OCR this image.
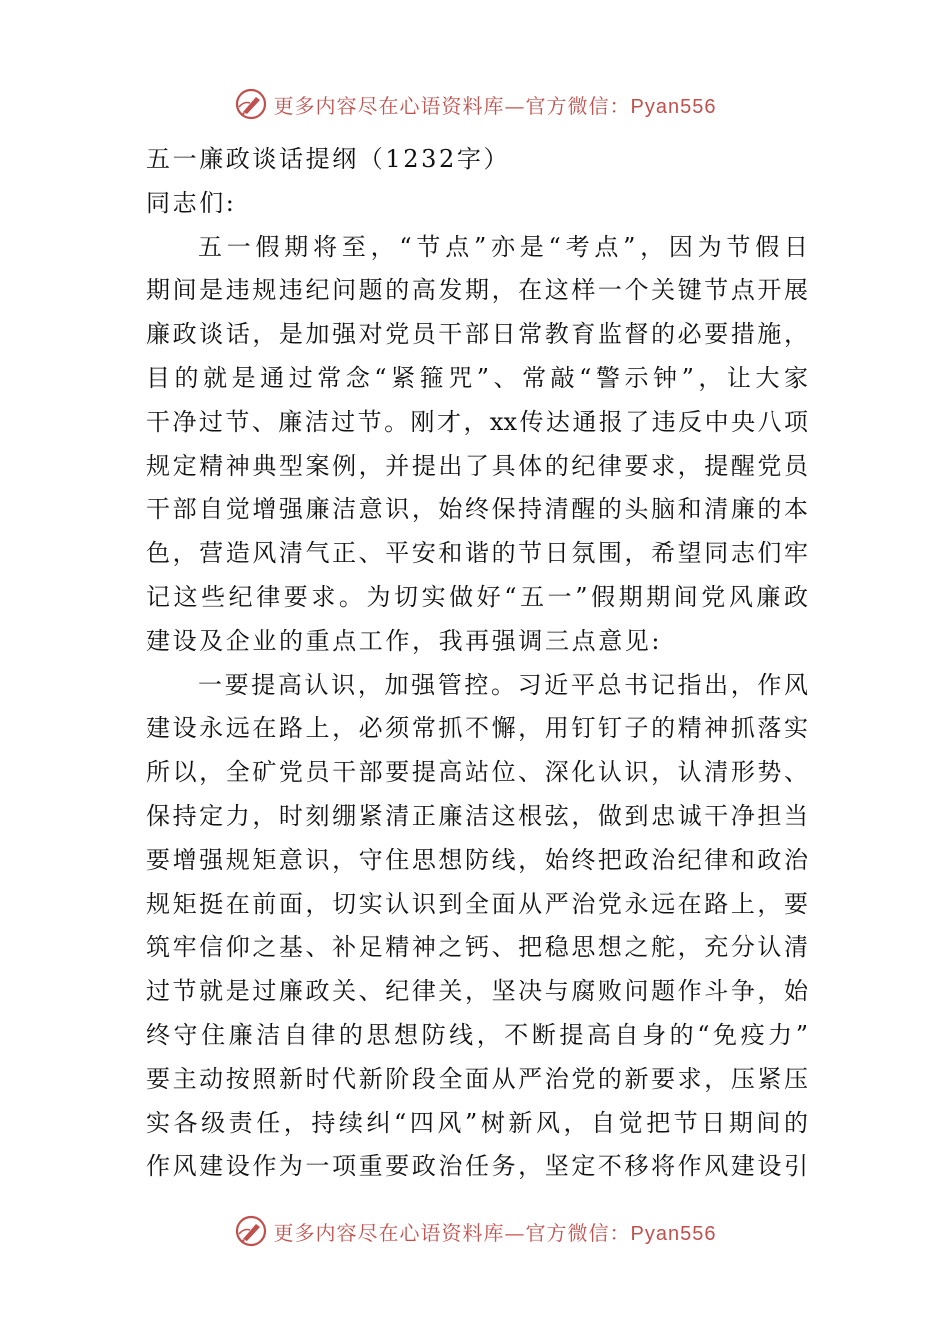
更多内容尽在心语资料库—官方微信：Pyan556
五一廉政谈话提纲（1232字）
同志们:
五一假期将至，“节点”亦是“考点”，因为节假日
期间是违规违纪问题的高发期，在这样一个关键节点开展
廉政谈话，是加强对党员干部日常教育监督的必要措施，
目的就是通过常念“紧箍咒”、常敲“警示钟”，让大家
干净过节、廉洁过节。刚才，xx传达通报了违反中央八项
规定精神典型案例，并提出了具体的纪律要求，提醒党员
干部自觉增强廉洁意识，始终保持清醒的头脑和清廉的本
色，营造风清气正、平安和谐的节日氛围，希望同志们牢
记这些纪律要求。为切实做好“五一”假期期间党风廉政
建设及企业的重点工作，我再强调三点意见:
一要提高认识，加强管控。习近平总书记指出，作风
建设永远在路上，必须常抓不懈，用钉钉子的精神抓落实
所以，全矿党员干部要提高站位、深化认识，认清形势、
保持定力，时刻绷紧清正廉洁这根弦，做到忠诚干净担当
要增强规矩意识，守住思想防线，始终把政治纪律和政治
规矩挺在前面，切实认识到全面从严治党永远在路上，要
筑牢信仰之基、补足精神之钙、把稳思想之舵，充分认清
过节就是过廉政关、纪律关，坚决与腐败问题作斗争，始
终守住廉洁自律的思想防线，不断提高自身的“免疫力”
要主动按照新时代新阶段全面从严治党的新要求，压紧压
实各级责任，持续纠“四风”树新风，自觉把节日期间的
作风建设作为一项重要政治任务，坚定不移将作风建设引
更多内容尽在心语资料库—官方微信：Pyan556
